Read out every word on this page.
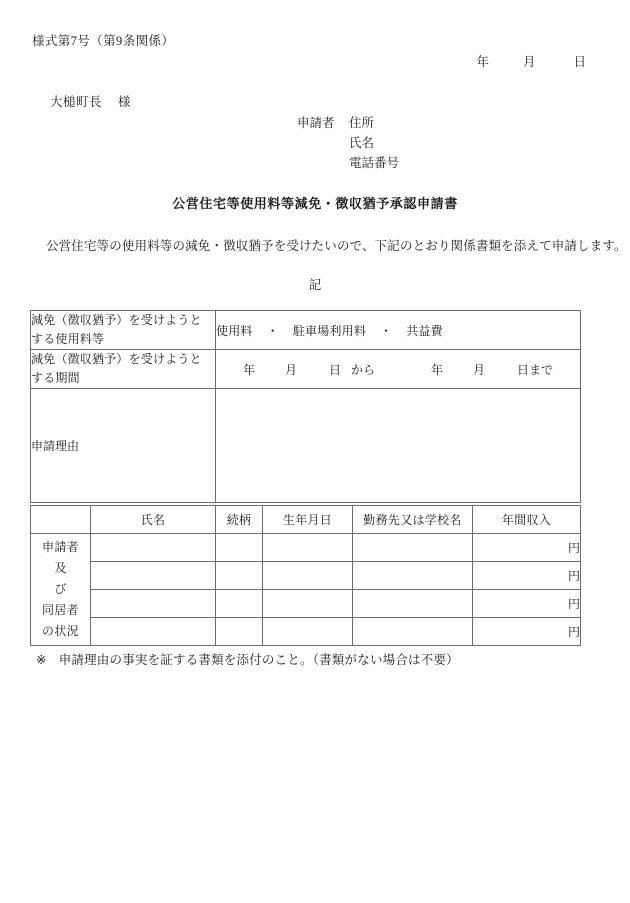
様式第7号（第9条関係）
年	月	日
大槌町長 様
申請者 住所
氏名
電話番号
公営住宅等使用料等減免・徴収猶予承認申請書
公営住宅等の使用料等の減免・徴収猶予を受けたいので、下記のとおり関係書類を添えて申請します。
記
減免（徴収猶予）を受けようと
する使用料等	使用料 ・ 駐車場利用料 ・ 共益費

減免（徴収猶予）を受けようと
する期間	年 月 日 から 年 月 日まで
申請理由	
	氏名	続柄	生年月日	勤務先又は学校名	年間収入

申請者
及　び
同居者
の状況					円
					円
					円
					円
※ 申請理由の事実を証する書類を添付のこと。（書類がない場合は不要）
